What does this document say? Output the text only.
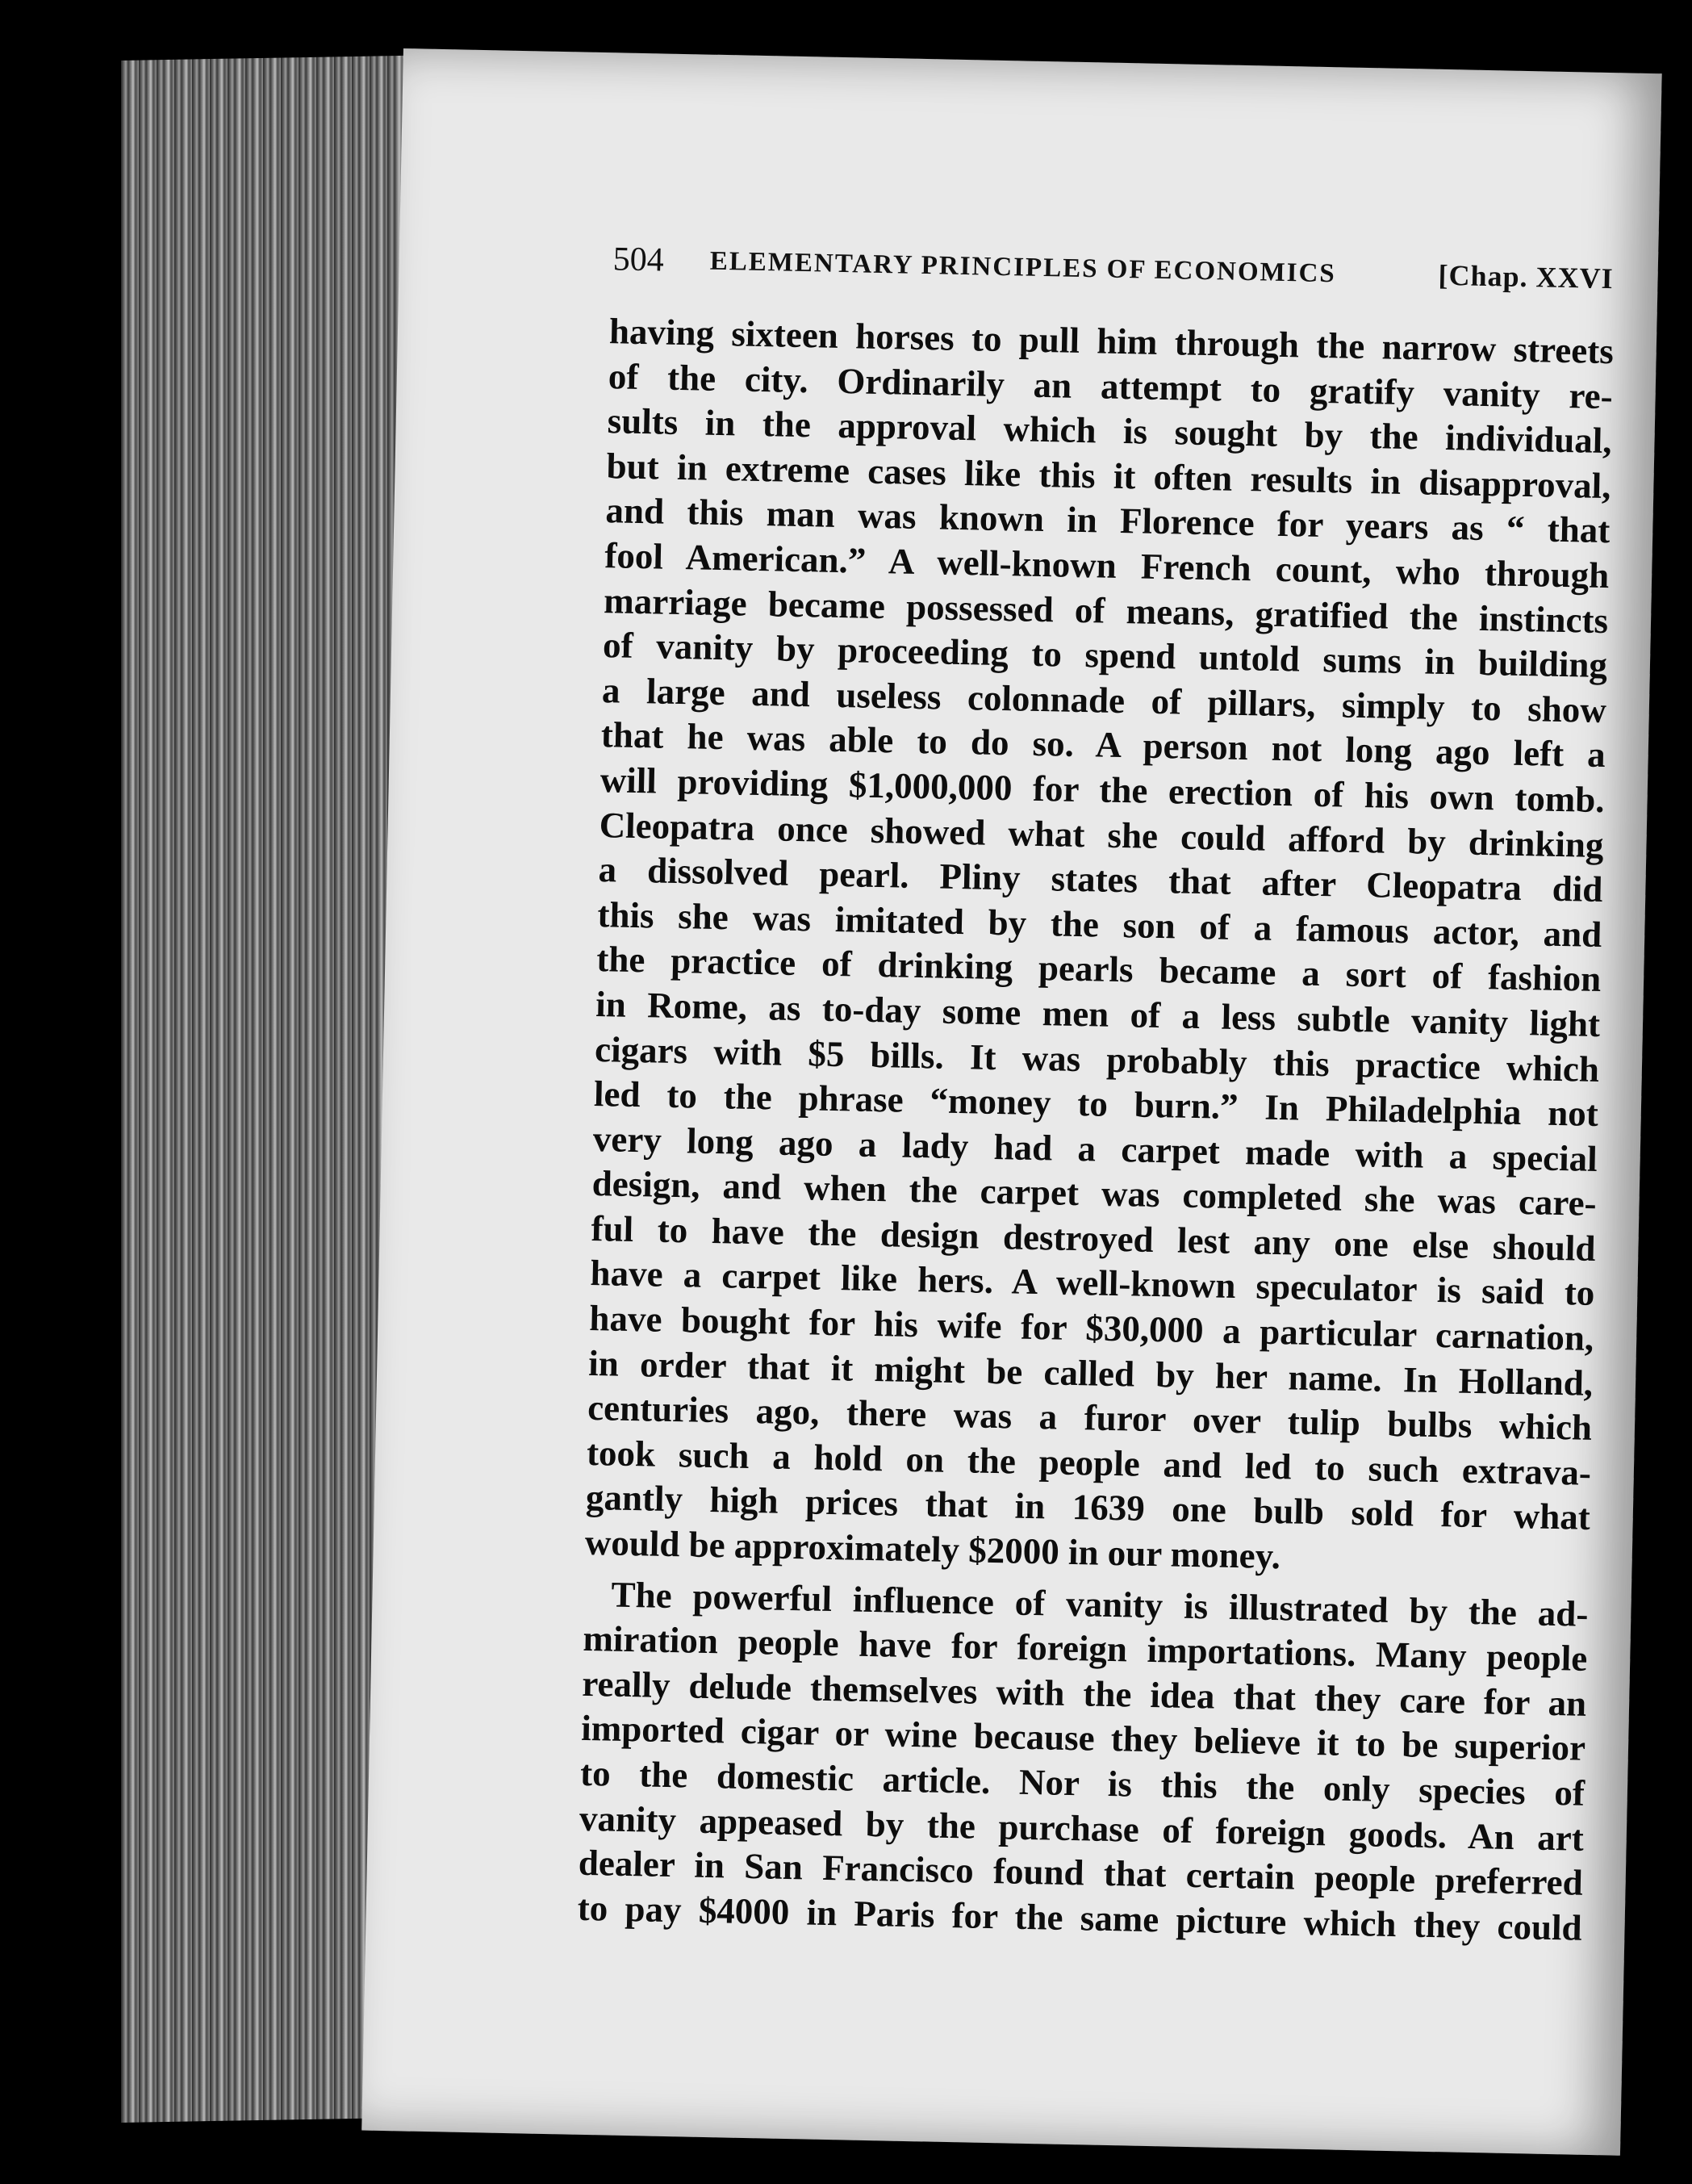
504 ELEMENTARY PRINCIPLES OF ECONOMICS	[Chap. XXVI
having sixteen horses to pull him through the narrow streets
of the city. Ordinarily an attempt to gratify vanity re-
sults in the approval which is sought by the individual,
but in extreme cases like this it often results in disapproval,
and this man was known in Florence for years as “ that
fool American.” A well-known French count, who through
marriage became possessed of means, gratified the instincts
of vanity by proceeding to spend untold sums in building
a large and useless colonnade of pillars, simply to show
that he was able to do so. A person not long ago left a
will providing $1,000,000 for the erection of his own tomb.
Cleopatra once showed what she could afford by drinking
a dissolved pearl. Pliny states that after Cleopatra did
this she was imitated by the son of a famous actor, and
the practice of drinking pearls became a sort of fashion
in Rome, as to-day some men of a less subtle vanity light
cigars with $5 bills. It was probably this practice which
led to the phrase “money to burn.” In Philadelphia not
very long ago a lady had a carpet made with a special
design, and when the carpet was completed she was care-
ful to have the design destroyed lest any one else should
have a carpet like hers. A well-known speculator is said to
have bought for his wife for $30,000 a particular carnation,
in order that it might be called by her name. In Holland,
centuries ago, there was a furor over tulip bulbs which
took such a hold on the people and led to such extrava-
gantly high prices that in 1639 one bulb sold for what
would be approximately $2000 in our money.
The powerful influence of vanity is illustrated by the ad-
miration people have for foreign importations. Many people
really delude themselves with the idea that they care for an
imported cigar or wine because they believe it to be superior
to the domestic article. Nor is this the only species of
vanity appeased by the purchase of foreign goods. An art
dealer in San Francisco found that certain people preferred
to pay $4000 in Paris for the same picture which they could
